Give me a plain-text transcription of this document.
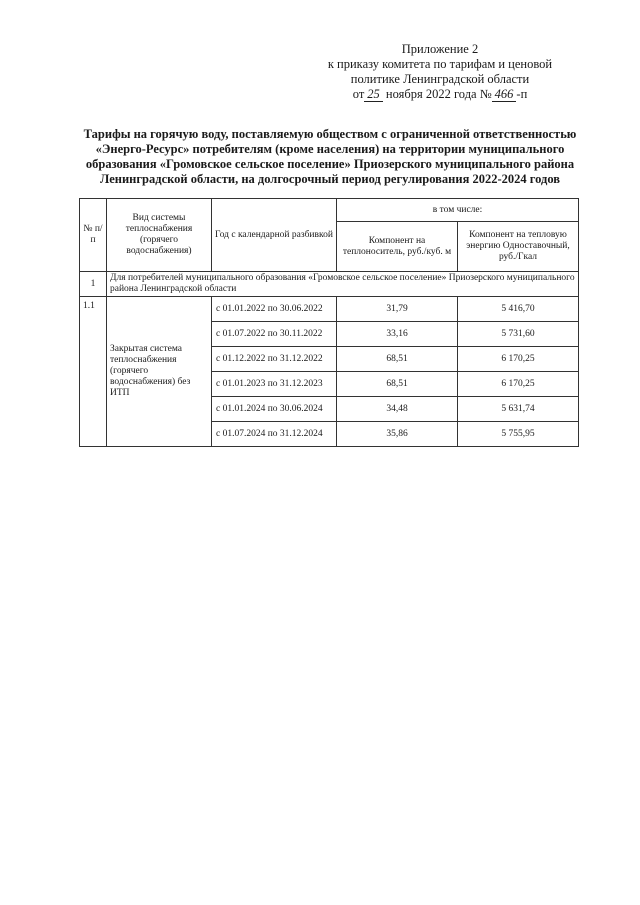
Приложение 2
к приказу комитета по тарифам и ценовой
политике Ленинградской области
от 25 ноября 2022 года № 466 -п
Тарифы на горячую воду, поставляемую обществом с ограниченной ответственностью «Энерго-Ресурс» потребителям (кроме населения) на территории муниципального образования «Громовское сельское поселение» Приозерского муниципального района Ленинградской области, на долгосрочный период регулирования 2022-2024 годов
№ п/п	Вид системы теплоснабжения (горячего водоснабжения)	Год с календарной разбивкой	в том числе:	
			Компонент на теплоноситель, руб./куб. м	Компонент на тепловую энергию Одноставочный, руб./Гкал
1	Для потребителей муниципального образования «Громовское сельское поселение» Приозерского муниципального района Ленинградской области			
1.1	Закрытая система теплоснабжения (горячего водоснабжения) без ИТП	с 01.01.2022 по 30.06.2022	31,79	5 416,70
		с 01.07.2022 по 30.11.2022	33,16	5 731,60
		с 01.12.2022 по 31.12.2022	68,51	6 170,25
		с 01.01.2023 по 31.12.2023	68,51	6 170,25
		с 01.01.2024 по 30.06.2024	34,48	5 631,74
		с 01.07.2024 по 31.12.2024	35,86	5 755,95
